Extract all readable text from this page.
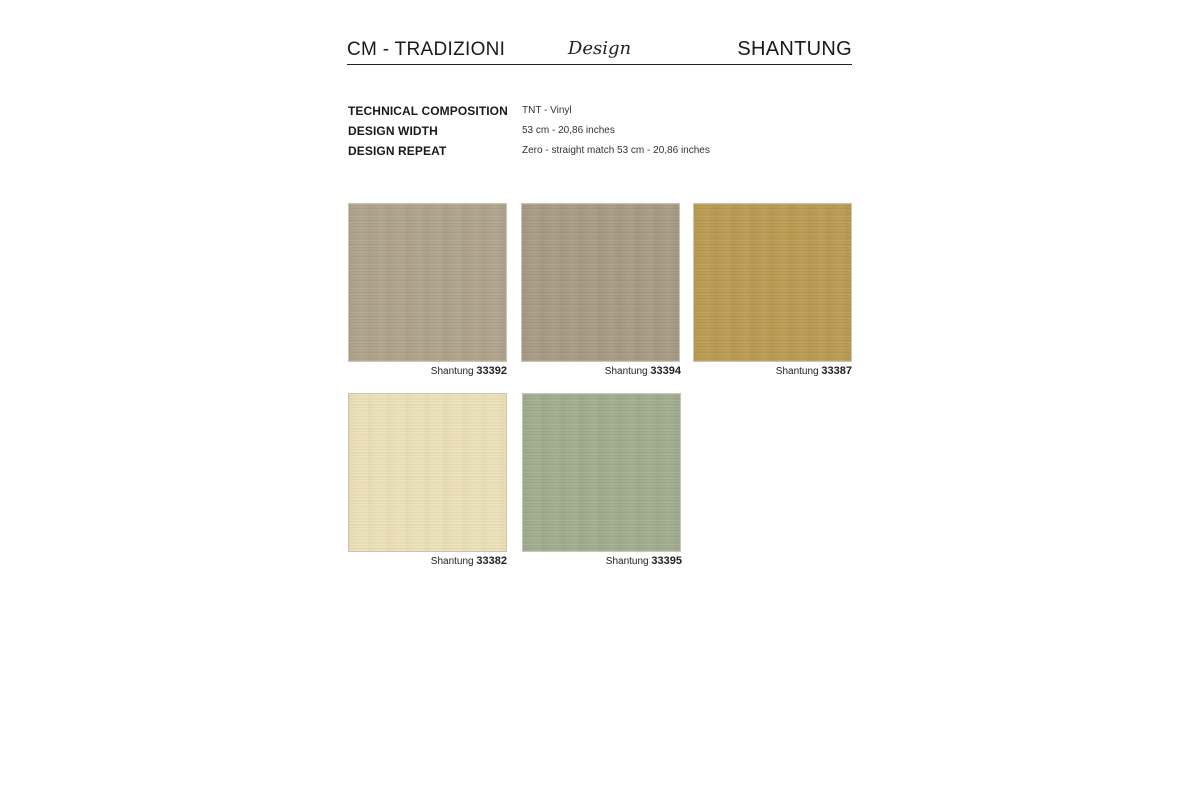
CM - TRADIZIONI	Design	SHANTUNG
TECHNICAL COMPOSITION TNT - Vinyl
DESIGN WIDTH	53 cm - 20,86 inches
DESIGN REPEAT	Zero - straight match 53 cm - 20,86 inches
Shantung 33392	Shantung 33394	Shantung 33387
Shantung 33382	Shantung 33395
